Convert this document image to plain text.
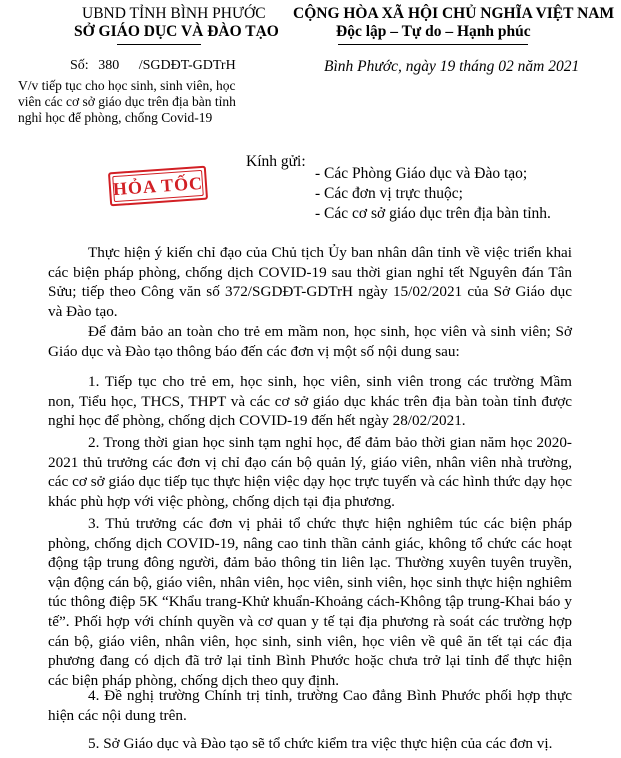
UBND TỈNH BÌNH PHƯỚC
SỞ GIÁO DỤC VÀ ĐÀO TẠO
Số: 380 /SGDĐT-GDTrH
V/v tiếp tục cho học sinh, sinh viên, học
viên các cơ sở giáo dục trên địa bàn tỉnh
nghỉ học để phòng, chống Covid-19
CỘNG HÒA XÃ HỘI CHỦ NGHĨA VIỆT NAM
Độc lập – Tự do – Hạnh phúc
Bình Phước, ngày 19 tháng 02 năm 2021
HỎA TỐC
Kính gửi:
- Các Phòng Giáo dục và Đào tạo;
- Các đơn vị trực thuộc;
- Các cơ sở giáo dục trên địa bàn tỉnh.

Thực hiện ý kiến chỉ đạo của Chủ tịch Ủy ban nhân dân tỉnh về việc triển khai các biện pháp phòng, chống dịch COVID-19 sau thời gian nghỉ tết Nguyên đán Tân Sửu; tiếp theo Công văn số 372/SGDĐT-GDTrH ngày 15/02/2021 của Sở Giáo dục và Đào tạo.

Để đảm bảo an toàn cho trẻ em mầm non, học sinh, học viên và sinh viên; Sở Giáo dục và Đào tạo thông báo đến các đơn vị một số nội dung sau:

1. Tiếp tục cho trẻ em, học sinh, học viên, sinh viên trong các trường Mầm non, Tiểu học, THCS, THPT và các cơ sở giáo dục khác trên địa bàn toàn tỉnh được nghỉ học để phòng, chống dịch COVID-19 đến hết ngày 28/02/2021.

2. Trong thời gian học sinh tạm nghỉ học, để đảm bảo thời gian năm học 2020-2021 thủ trưởng các đơn vị chỉ đạo cán bộ quản lý, giáo viên, nhân viên nhà trường, các cơ sở giáo dục tiếp tục thực hiện việc dạy học trực tuyến và các hình thức dạy học khác phù hợp với việc phòng, chống dịch tại địa phương.

3. Thủ trưởng các đơn vị phải tổ chức thực hiện nghiêm túc các biện pháp phòng, chống dịch COVID-19, nâng cao tinh thần cảnh giác, không tổ chức các hoạt động tập trung đông người, đảm bảo thông tin liên lạc. Thường xuyên tuyên truyền, vận động cán bộ, giáo viên, nhân viên, học viên, sinh viên, học sinh thực hiện nghiêm túc thông điệp 5K “Khẩu trang-Khử khuẩn-Khoảng cách-Không tập trung-Khai báo y tế”. Phối hợp với chính quyền và cơ quan y tế tại địa phương rà soát các trường hợp cán bộ, giáo viên, nhân viên, học sinh, sinh viên, học viên về quê ăn tết tại các địa phương đang có dịch đã trở lại tỉnh Bình Phước hoặc chưa trở lại tỉnh để thực hiện các biện pháp phòng, chống dịch theo quy định.

4. Đề nghị trường Chính trị tỉnh, trường Cao đẳng Bình Phước phối hợp thực hiện các nội dung trên.

5. Sở Giáo dục và Đào tạo sẽ tổ chức kiểm tra việc thực hiện của các đơn vị.
